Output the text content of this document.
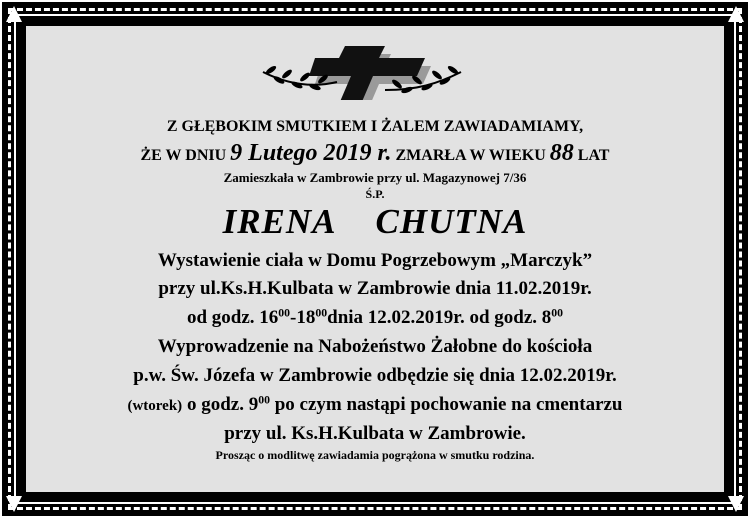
Z GŁĘBOKIM SMUTKIEM I ŻALEM ZAWIADAMIAMY,
ŻE W DNIU 9 Lutego 2019 r. ZMARŁA W WIEKU 88 LAT
Zamieszkała w Zambrowie przy ul. Magazynowej 7/36
Ś.P.
IRENA CHUTNA
Wystawienie ciała w Domu Pogrzebowym „Marczyk”
przy ul.Ks.H.Kulbata w Zambrowie dnia 11.02.2019r.
od godz. $16^{00}-18^{00}dnia$ 12.02.2019r. od godz. $8^{00}$
Wyprowadzenie na Nabożeństwo Żałobne do kościoła
p.w. Św. Józefa w Zambrowie odbędzie się dnia 12.02.2019r.
(wtorek) o godz. $9^{00}$ po czym nastąpi pochowanie na cmentarzu
przy ul. Ks.H.Kulbata w Zambrowie.
Prosząc o modlitwę zawiadamia pogrążona w smutku rodzina.
